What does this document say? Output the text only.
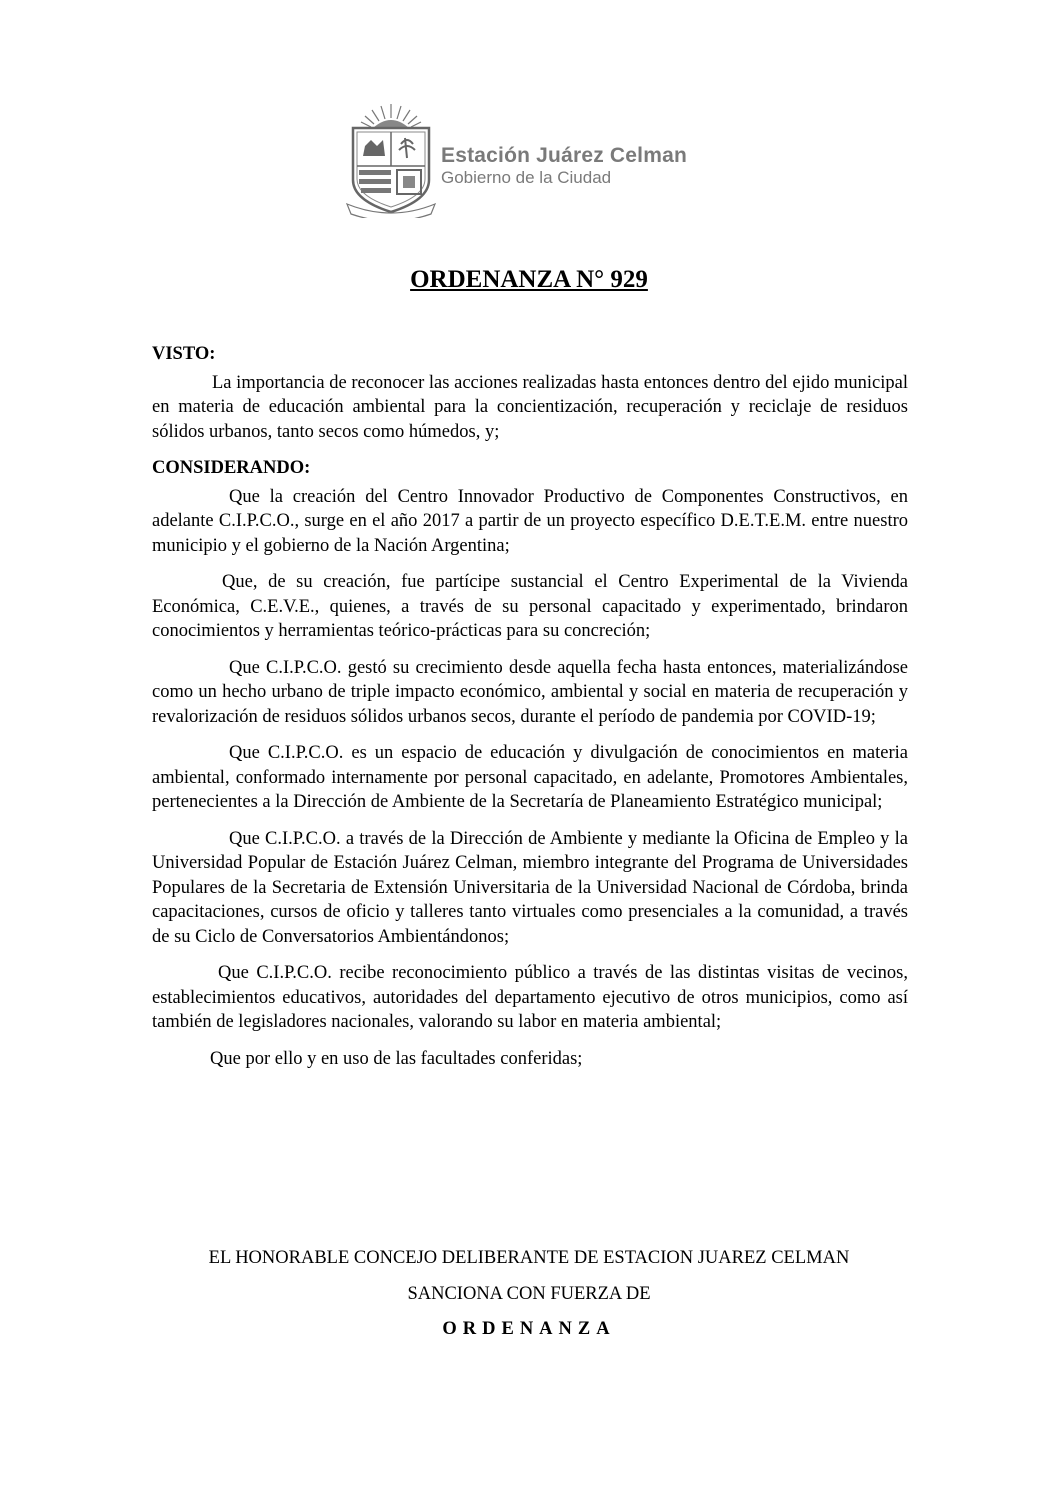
Estación Juárez Celman
Gobierno de la Ciudad
ORDENANZA N° 929
VISTO:

La importancia de reconocer las acciones realizadas hasta entonces dentro del ejido municipal en materia de educación ambiental para la concientización, recuperación y reciclaje de residuos sólidos urbanos, tanto secos como húmedos, y;

CONSIDERANDO:

Que la creación del Centro Innovador Productivo de Componentes Constructivos, en adelante C.I.P.C.O., surge en el año 2017 a partir de un proyecto específico D.E.T.E.M. entre nuestro municipio y el gobierno de la Nación Argentina;

Que, de su creación, fue partícipe sustancial el Centro Experimental de la Vivienda Económica, C.E.V.E., quienes, a través de su personal capacitado y experimentado, brindaron conocimientos y herramientas teórico-prácticas para su concreción;

Que C.I.P.C.O. gestó su crecimiento desde aquella fecha hasta entonces, materializándose como un hecho urbano de triple impacto económico, ambiental y social en materia de recuperación y revalorización de residuos sólidos urbanos secos, durante el período de pandemia por COVID-19;

Que C.I.P.C.O. es un espacio de educación y divulgación de conocimientos en materia ambiental, conformado internamente por personal capacitado, en adelante, Promotores Ambientales, pertenecientes a la Dirección de Ambiente de la Secretaría de Planeamiento Estratégico municipal;

Que C.I.P.C.O. a través de la Dirección de Ambiente y mediante la Oficina de Empleo y la Universidad Popular de Estación Juárez Celman, miembro integrante del Programa de Universidades Populares de la Secretaria de Extensión Universitaria de la Universidad Nacional de Córdoba, brinda capacitaciones, cursos de oficio y talleres tanto virtuales como presenciales a la comunidad, a través de su Ciclo de Conversatorios Ambientándonos;

Que C.I.P.C.O. recibe reconocimiento público a través de las distintas visitas de vecinos, establecimientos educativos, autoridades del departamento ejecutivo de otros municipios, como así también de legisladores nacionales, valorando su labor en materia ambiental;

Que por ello y en uso de las facultades conferidas;

EL HONORABLE CONCEJO DELIBERANTE DE ESTACION JUAREZ CELMAN
SANCIONA CON FUERZA DE
ORDENANZA
